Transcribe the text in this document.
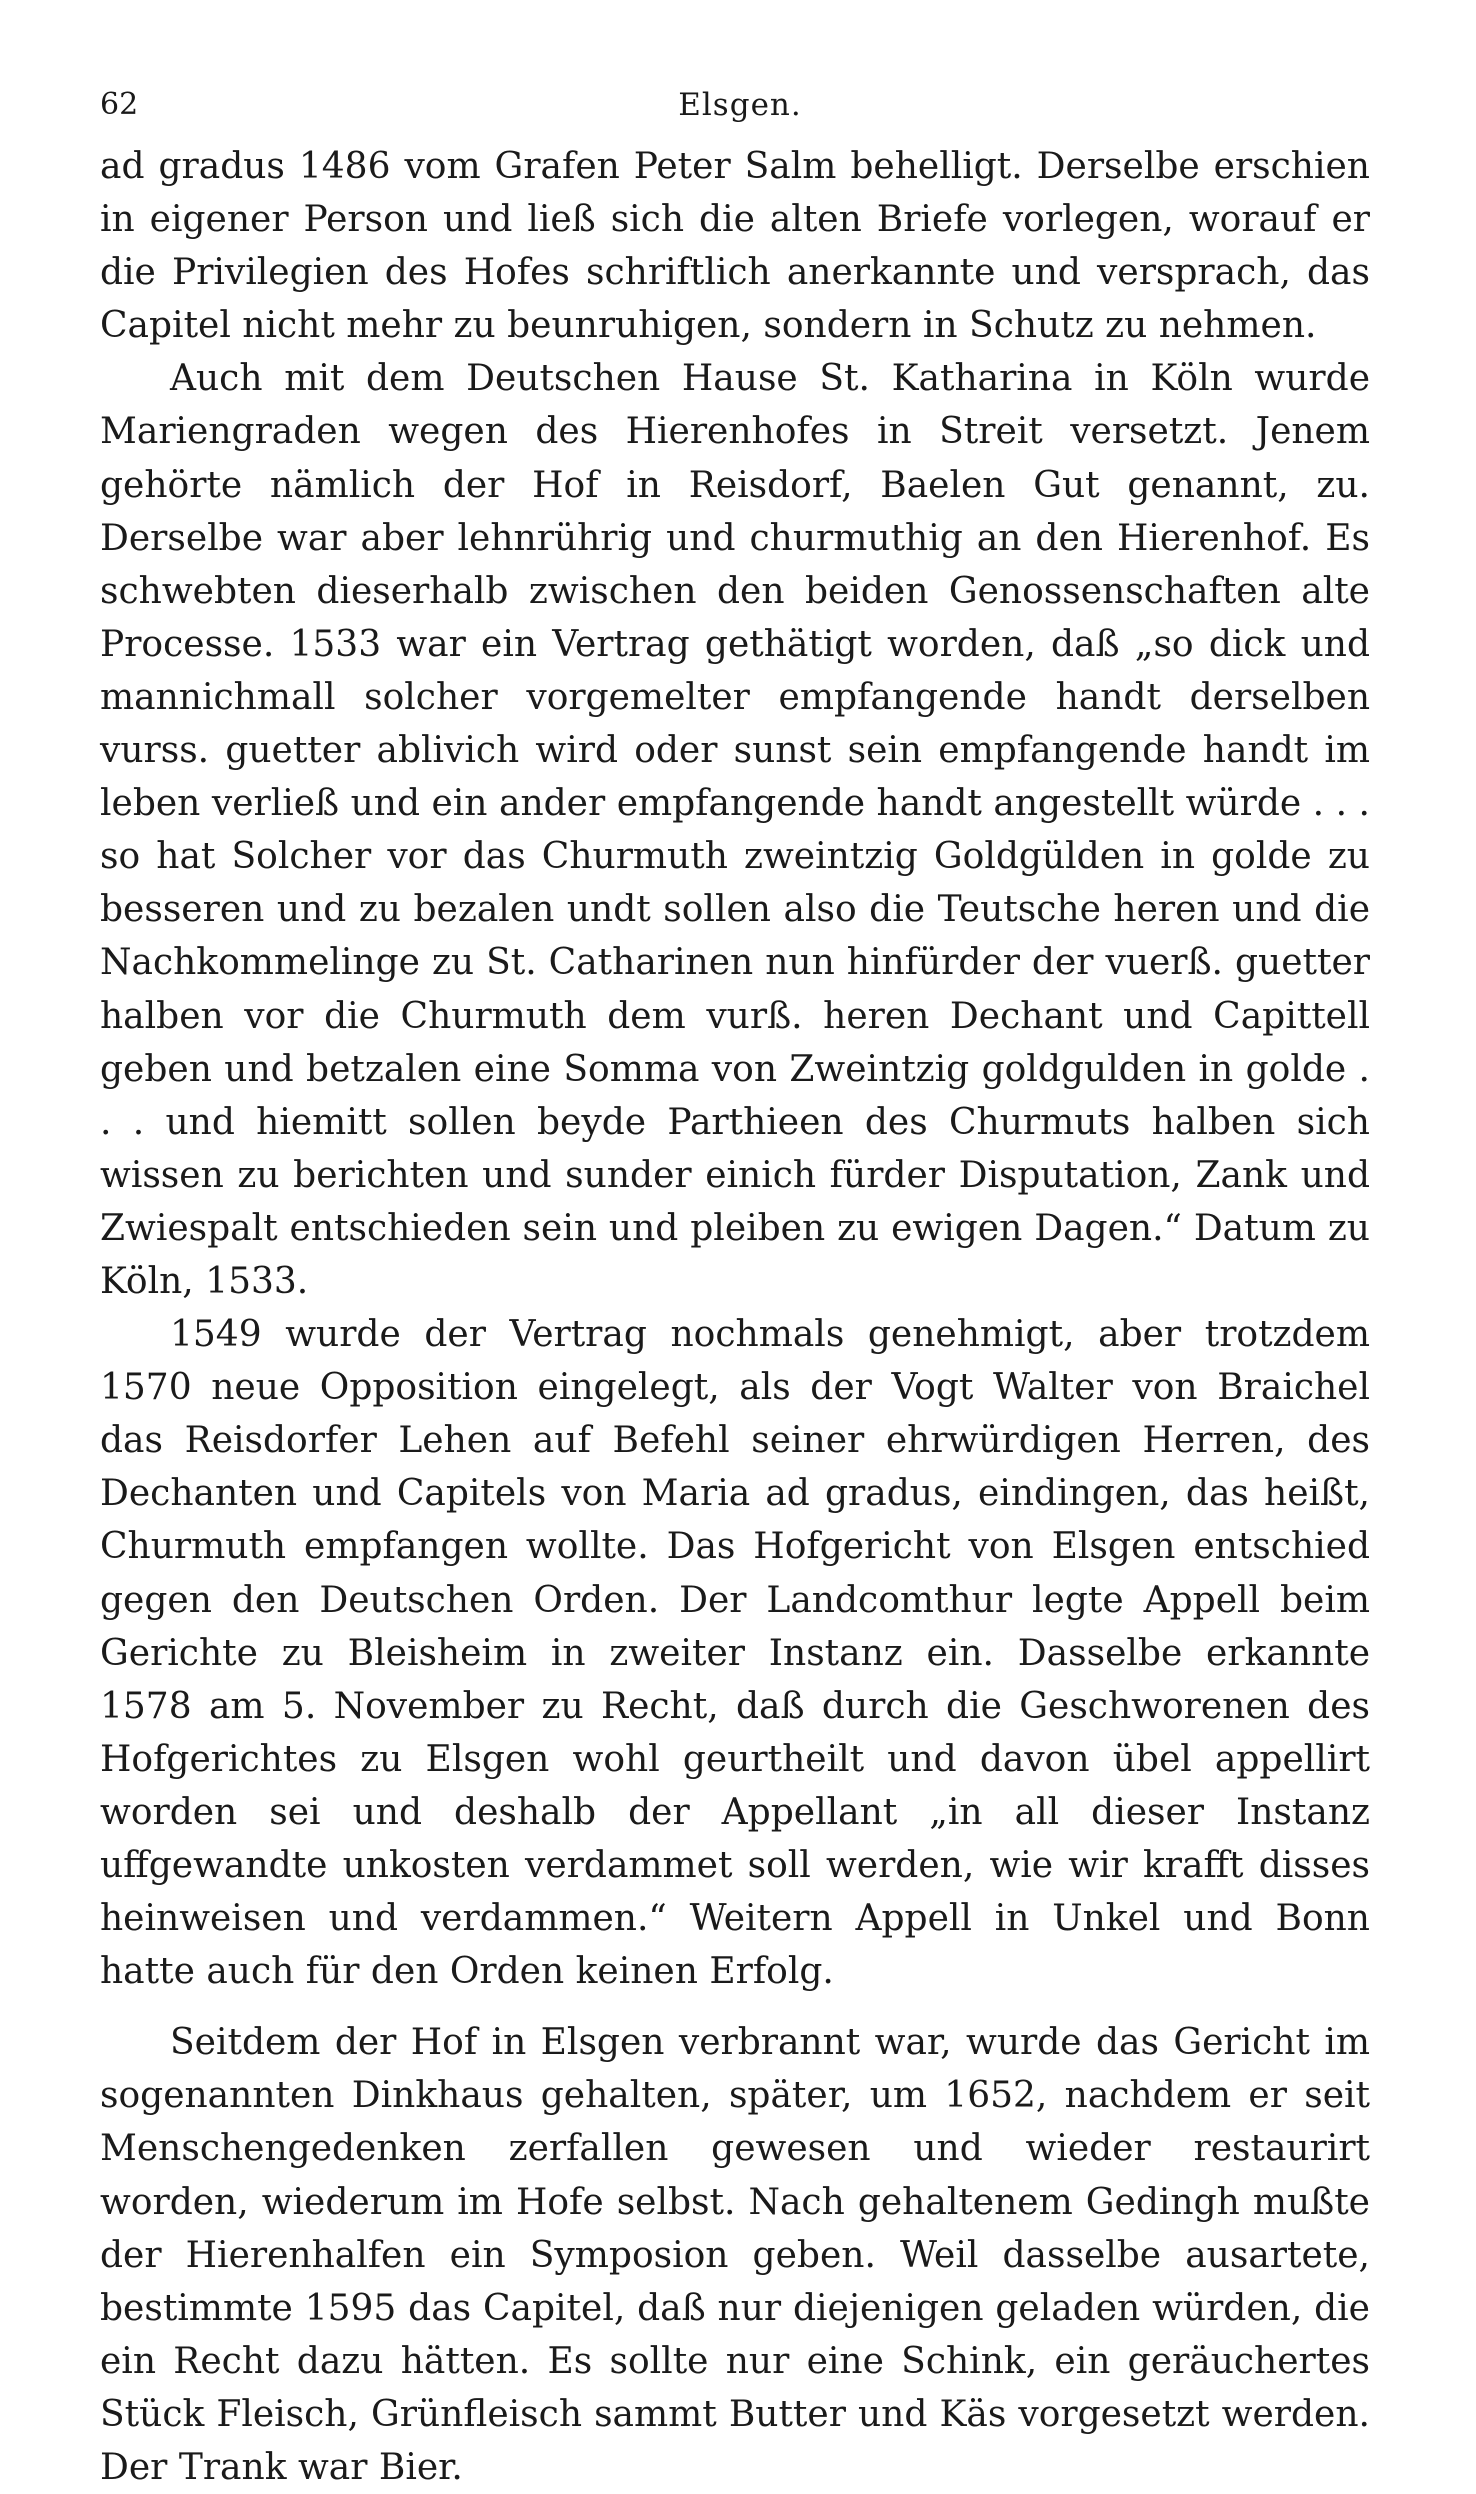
62	Elsgen.

ad gradus 1486 vom Grafen Peter Salm behelligt. Derselbe erschien in eigener Person und ließ sich die alten Briefe vorlegen, worauf er die Privilegien des Hofes schriftlich anerkannte und versprach, das Capitel nicht mehr zu beunruhigen, sondern in Schutz zu nehmen.

Auch mit dem Deutschen Hause St. Katharina in Köln wurde Mariengraden wegen des Hierenhofes in Streit versetzt. Jenem gehörte nämlich der Hof in Reisdorf, Baelen Gut genannt, zu. Derselbe war aber lehnrührig und churmuthig an den Hierenhof. Es schwebten dieserhalb zwischen den beiden Genossenschaften alte Processe. 1533 war ein Vertrag gethätigt worden, daß „so dick und mannichmall solcher vorgemelter empfangende handt derselben vurss. guetter ablivich wird oder sunst sein empfangende handt im leben verließ und ein ander empfangende handt angestellt würde . . . so hat Solcher vor das Churmuth zweintzig Goldgülden in golde zu besseren und zu bezalen undt sollen also die Teutsche heren und die Nachkommelinge zu St. Catharinen nun hinfürder der vuerß. guetter halben vor die Churmuth dem vurß. heren Dechant und Capittell geben und betzalen eine Somma von Zweintzig goldgulden in golde . . . und hiemitt sollen beyde Parthieen des Churmuts halben sich wissen zu berichten und sunder einich fürder Disputation, Zank und Zwiespalt entschieden sein und pleiben zu ewigen Dagen.“ Datum zu Köln, 1533.

1549 wurde der Vertrag nochmals genehmigt, aber trotzdem 1570 neue Opposition eingelegt, als der Vogt Walter von Braichel das Reisdorfer Lehen auf Befehl seiner ehrwürdigen Herren, des Dechanten und Capitels von Maria ad gradus, eindingen, das heißt, Churmuth empfangen wollte. Das Hofgericht von Elsgen entschied gegen den Deutschen Orden. Der Landcomthur legte Appell beim Gerichte zu Bleisheim in zweiter Instanz ein. Dasselbe erkannte 1578 am 5. November zu Recht, daß durch die Geschworenen des Hofgerichtes zu Elsgen wohl geurtheilt und davon übel appellirt worden sei und deshalb der Appellant „in all dieser Instanz uffgewandte unkosten verdammet soll werden, wie wir krafft disses heinweisen und verdammen.“ Weitern Appell in Unkel und Bonn hatte auch für den Orden keinen Erfolg.

Seitdem der Hof in Elsgen verbrannt war, wurde das Gericht im sogenannten Dinkhaus gehalten, später, um 1652, nachdem er seit Menschengedenken zerfallen gewesen und wieder restaurirt worden, wiederum im Hofe selbst. Nach gehaltenem Gedingh mußte der Hierenhalfen ein Symposion geben. Weil dasselbe ausartete, bestimmte 1595 das Capitel, daß nur diejenigen geladen würden, die ein Recht dazu hätten. Es sollte nur eine Schink, ein geräuchertes Stück Fleisch, Grünfleisch sammt Butter und Käs vorgesetzt werden. Der Trank war Bier.
